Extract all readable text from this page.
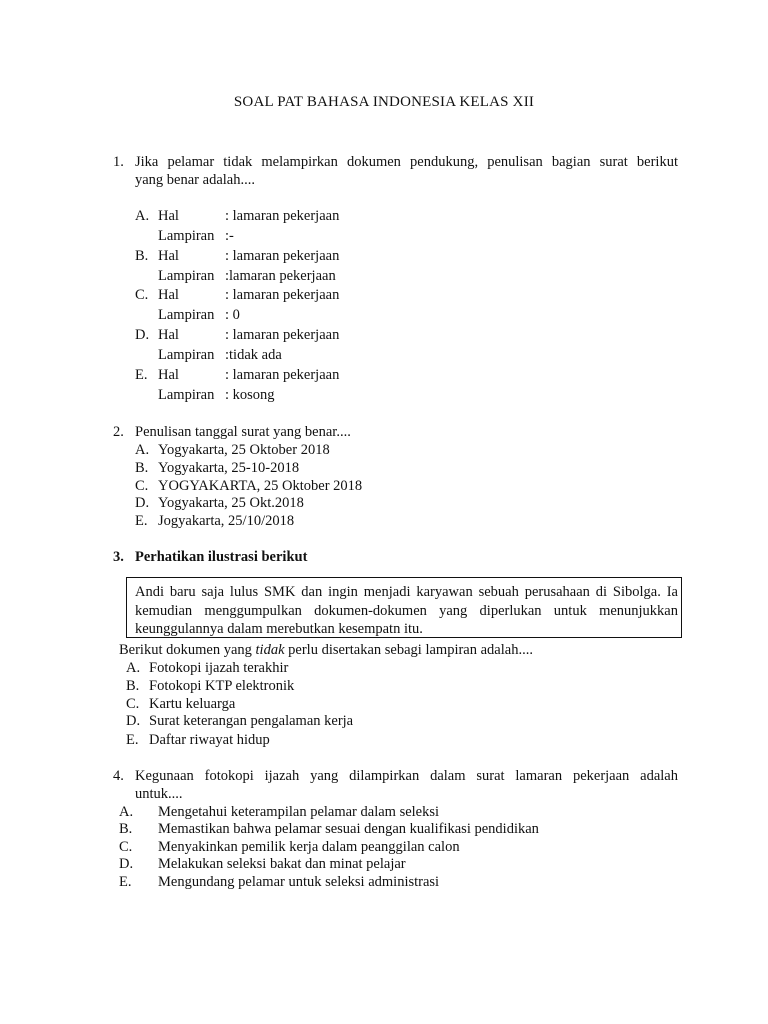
SOAL PAT BAHASA INDONESIA KELAS XII
1. Jika pelamar tidak melampirkan dokumen pendukung, penulisan bagian surat berikut
yang benar adalah....
A. Hal	: lamaran pekerjaan
Lampiran :-
B. Hal	: lamaran pekerjaan
Lampiran :lamaran pekerjaan
C. Hal	: lamaran pekerjaan
Lampiran : 0
D. Hal	: lamaran pekerjaan
Lampiran :tidak ada
E. Hal	: lamaran pekerjaan
Lampiran : kosong
2. Penulisan tanggal surat yang benar....
A. Yogyakarta, 25 Oktober 2018
B. Yogyakarta, 25-10-2018
C. YOGYAKARTA, 25 Oktober 2018
D. Yogyakarta, 25 Okt.2018
E. Jogyakarta, 25/10/2018
3. Perhatikan ilustrasi berikut
Andi baru saja lulus SMK dan ingin menjadi karyawan sebuah perusahaan di Sibolga. Ia
kemudian menggumpulkan dokumen-dokumen yang diperlukan untuk menunjukkan
keunggulannya dalam merebutkan kesempatn itu.
Berikut dokumen yang tidak perlu disertakan sebagi lampiran adalah....
A. Fotokopi ijazah terakhir
B. Fotokopi KTP elektronik
C. Kartu keluarga
D. Surat keterangan pengalaman kerja
E. Daftar riwayat hidup
4. Kegunaan fotokopi ijazah yang dilampirkan dalam surat lamaran pekerjaan adalah
untuk....
A. Mengetahui keterampilan pelamar dalam seleksi
B. Memastikan bahwa pelamar sesuai dengan kualifikasi pendidikan
C. Menyakinkan pemilik kerja dalam peanggilan calon
D. Melakukan seleksi bakat dan minat pelajar
E. Mengundang pelamar untuk seleksi administrasi
